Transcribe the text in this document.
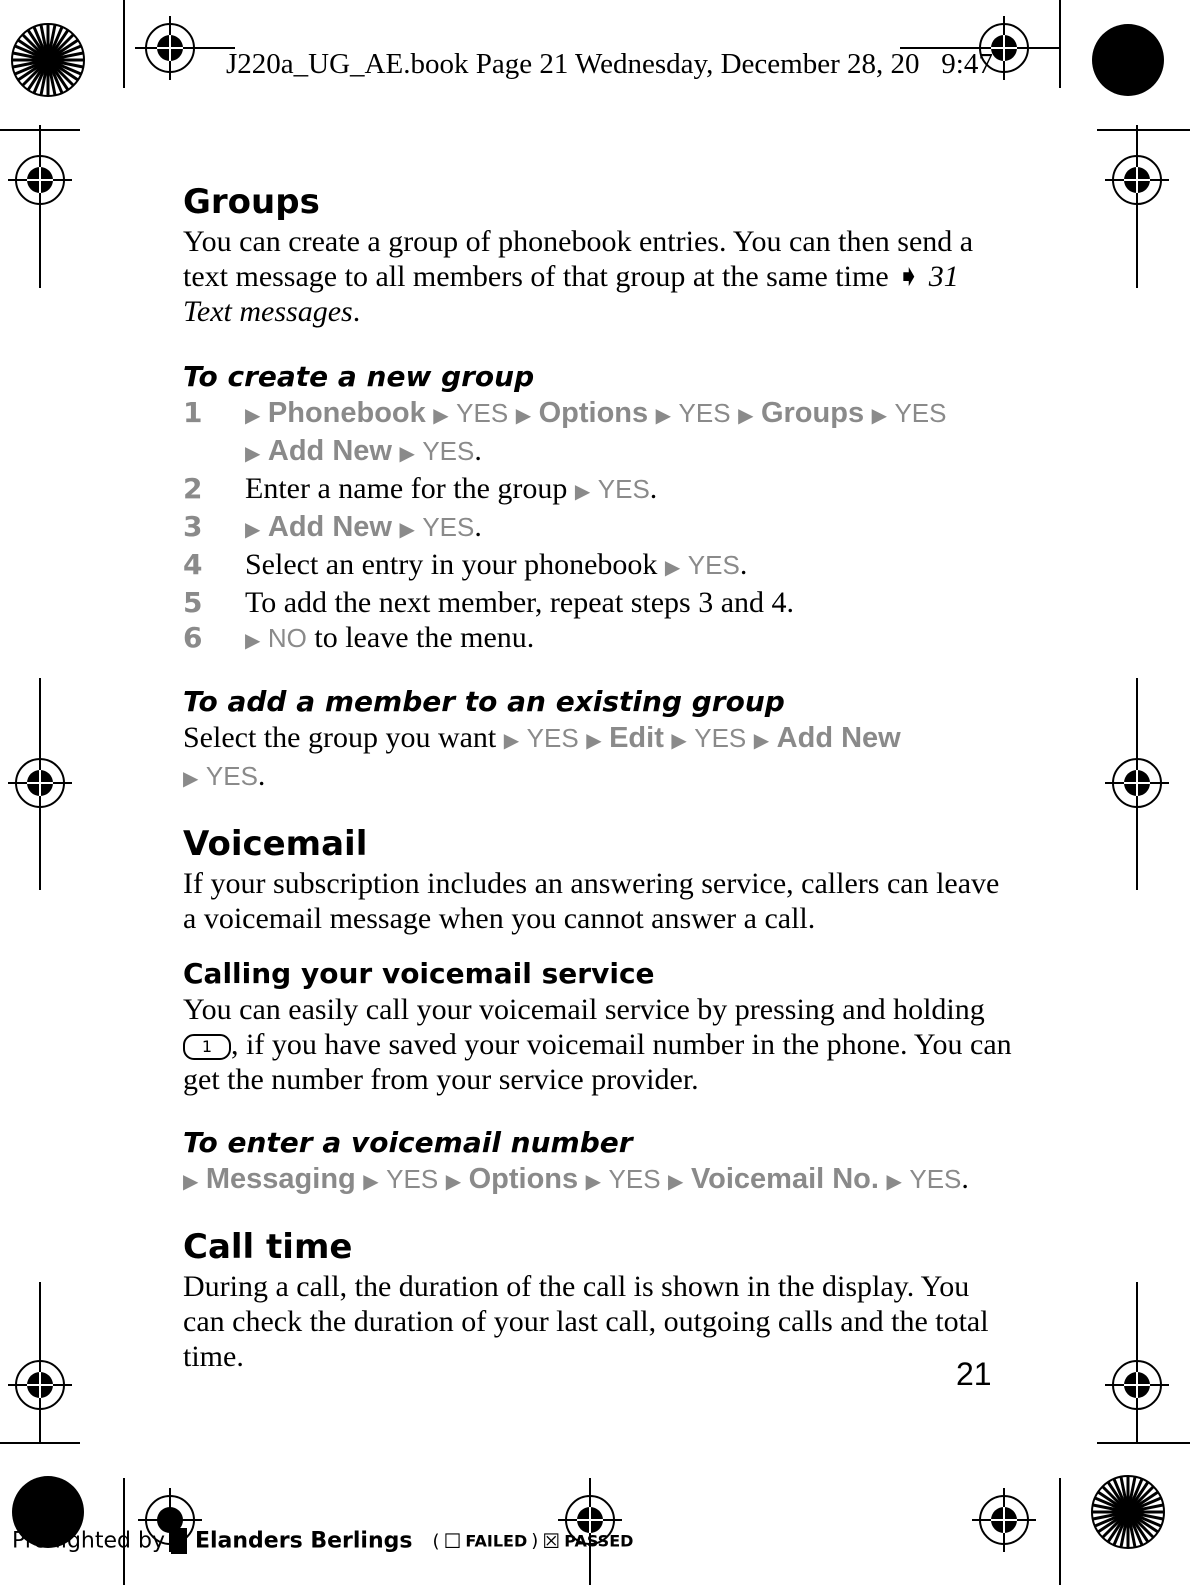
J220a_UG_AE.book Page 21 Wednesday, December 28, 20   9:47
Groups

You can create a group of phonebook entries. You can then send a text message to all members of that group at the same time ➧ 31 Text messages.

To create a new group
1 ▶ Phonebook ▶ YES ▶ Options ▶ YES ▶ Groups ▶ YES
▶ Add New ▶ YES.
2 Enter a name for the group ▶ YES.
3 ▶ Add New ▶ YES.
4 Select an entry in your phonebook ▶ YES.
5 To add the next member, repeat steps 3 and 4.
6 ▶ NO to leave the menu.
To add a member to an existing group

Select the group you want ▶ YES ▶ Edit ▶ YES ▶ Add New
▶ YES.

Voicemail

If your subscription includes an answering service, callers can leave a voicemail message when you cannot answer a call.

Calling your voicemail service

You can easily call your voicemail service by pressing and holding 1 , if you have saved your voicemail number in the phone. You can get the number from your service provider.

To enter a voicemail number

▶ Messaging ▶ YES ▶ Options ▶ YES ▶ Voicemail No. ▶ YES.

Call time

During a call, the duration of the call is shown in the display. You can check the duration of your last call, outgoing calls and the total time.	21
Preflighted by Elanders Berlings ( ☐ FAILED ) ☒ PASSED
